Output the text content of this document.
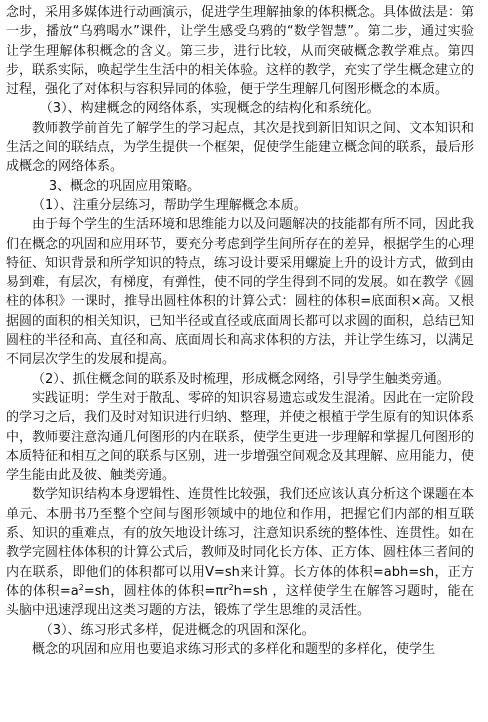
念时，采用多媒体进行动画演示，促进学生理解抽象的体积概念。具体做法是：第一步，播放“乌鸦喝水”课件，让学生感受乌鸦的“数学智慧”。第二步，通过实验让学生理解体积概念的含义。第三步，进行比较，从而突破概念教学难点。第四步，联系实际，唤起学生生活中的相关体验。这样的教学，充实了学生概念建立的过程，强化了对体积与容积异同的体验，便于学生理解几何图形概念的本质。

（3）、构建概念的网络体系，实现概念的结构化和系统化。

教师教学前首先了解学生的学习起点，其次是找到新旧知识之间、文本知识和生活之间的联结点，为学生提供一个框架，促使学生能建立概念间的联系，最后形成概念的网络体系。

3、概念的巩固应用策略。

（1）、注重分层练习，帮助学生理解概念本质。

由于每个学生的生活环境和思维能力以及问题解决的技能都有所不同，因此我们在概念的巩固和应用环节，要充分考虑到学生间所存在的差异，根据学生的心理特征、知识背景和所学知识的特点，练习设计要采用螺旋上升的设计方式，做到由易到难，有层次，有梯度，有弹性，使不同的学生得到不同的发展。如在教学《圆柱的体积》一课时，推导出圆柱体积的计算公式：圆柱的体积=底面积×高。又根据圆的面积的相关知识，已知半径或直径或底面周长都可以求圆的面积，总结已知圆柱的半径和高、直径和高、底面周长和高求体积的方法，并让学生练习，以满足不同层次学生的发展和提高。

（2）、抓住概念间的联系及时梳理，形成概念网络，引导学生触类旁通。

实践证明：学生对于散乱、零碎的知识容易遗忘或发生混淆。因此在一定阶段的学习之后，我们及时对知识进行归纳、整理，并使之根植于学生原有的知识体系中，教师要注意沟通几何图形的内在联系，使学生更进一步理解和掌握几何图形的本质特征和相互之间的联系与区别，进一步增强空间观念及其理解、应用能力，使学生能由此及彼、触类旁通。

数学知识结构本身逻辑性、连贯性比较强，我们还应该认真分析这个课题在本单元、本册书乃至整个空间与图形领域中的地位和作用，把握它们内部的相互联系、知识的重难点，有的放矢地设计练习，注意知识系统的整体性、连贯性。如在教学完圆柱体体积的计算公式后，教师及时同化长方体、正方体、圆柱体三者间的内在联系，即他们的体积都可以用V=sh来计算。长方体的体积=abh=sh，正方体的体积$=a^2=sh$，圆柱体的体积$=\pi r^2h=sh$ ，这样使学生在解答习题时，能在头脑中迅速浮现出这类习题的方法，锻炼了学生思维的灵活性。

（3）、练习形式多样，促进概念的巩固和深化。

概念的巩固和应用也要追求练习形式的多样化和题型的多样化，使学生
